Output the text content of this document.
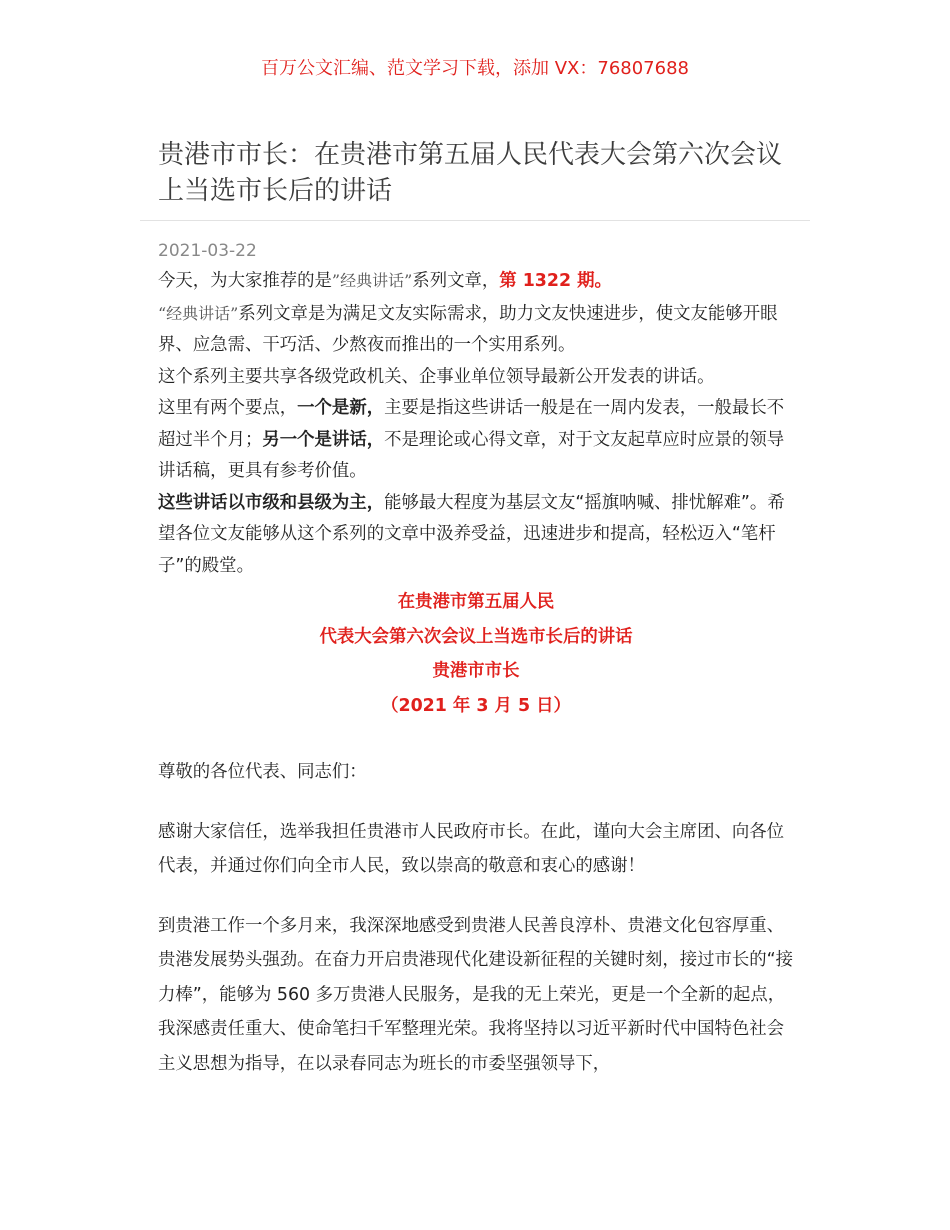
百万公文汇编、范文学习下载，添加 VX：76807688
贵港市市长：在贵港市第五届人民代表大会第六次会议上当选市长后的讲话
2021-03-22

今天，为大家推荐的是”经典讲话”系列文章，第 1322 期。

“经典讲话”系列文章是为满足文友实际需求，助力文友快速进步，使文友能够开眼界、应急需、干巧活、少熬夜而推出的一个实用系列。

这个系列主要共享各级党政机关、企事业单位领导最新公开发表的讲话。

这里有两个要点，一个是新，主要是指这些讲话一般是在一周内发表，一般最长不超过半个月；另一个是讲话，不是理论或心得文章，对于文友起草应时应景的领导讲话稿，更具有参考价值。

这些讲话以市级和县级为主，能够最大程度为基层文友“摇旗呐喊、排忧解难”。希望各位文友能够从这个系列的文章中汲养受益，迅速进步和提高，轻松迈入“笔杆子”的殿堂。

在贵港市第五届人民
代表大会第六次会议上当选市长后的讲话
贵港市市长
（2021 年 3 月 5 日）

尊敬的各位代表、同志们：

感谢大家信任，选举我担任贵港市人民政府市长。在此，谨向大会主席团、向各位代表，并通过你们向全市人民，致以崇高的敬意和衷心的感谢！

到贵港工作一个多月来，我深深地感受到贵港人民善良淳朴、贵港文化包容厚重、贵港发展势头强劲。在奋力开启贵港现代化建设新征程的关键时刻，接过市长的“接力棒”，能够为 560 多万贵港人民服务，是我的无上荣光，更是一个全新的起点，我深感责任重大、使命笔扫千军整理光荣。我将坚持以习近平新时代中国特色社会主义思想为指导，在以录春同志为班长的市委坚强领导下，
